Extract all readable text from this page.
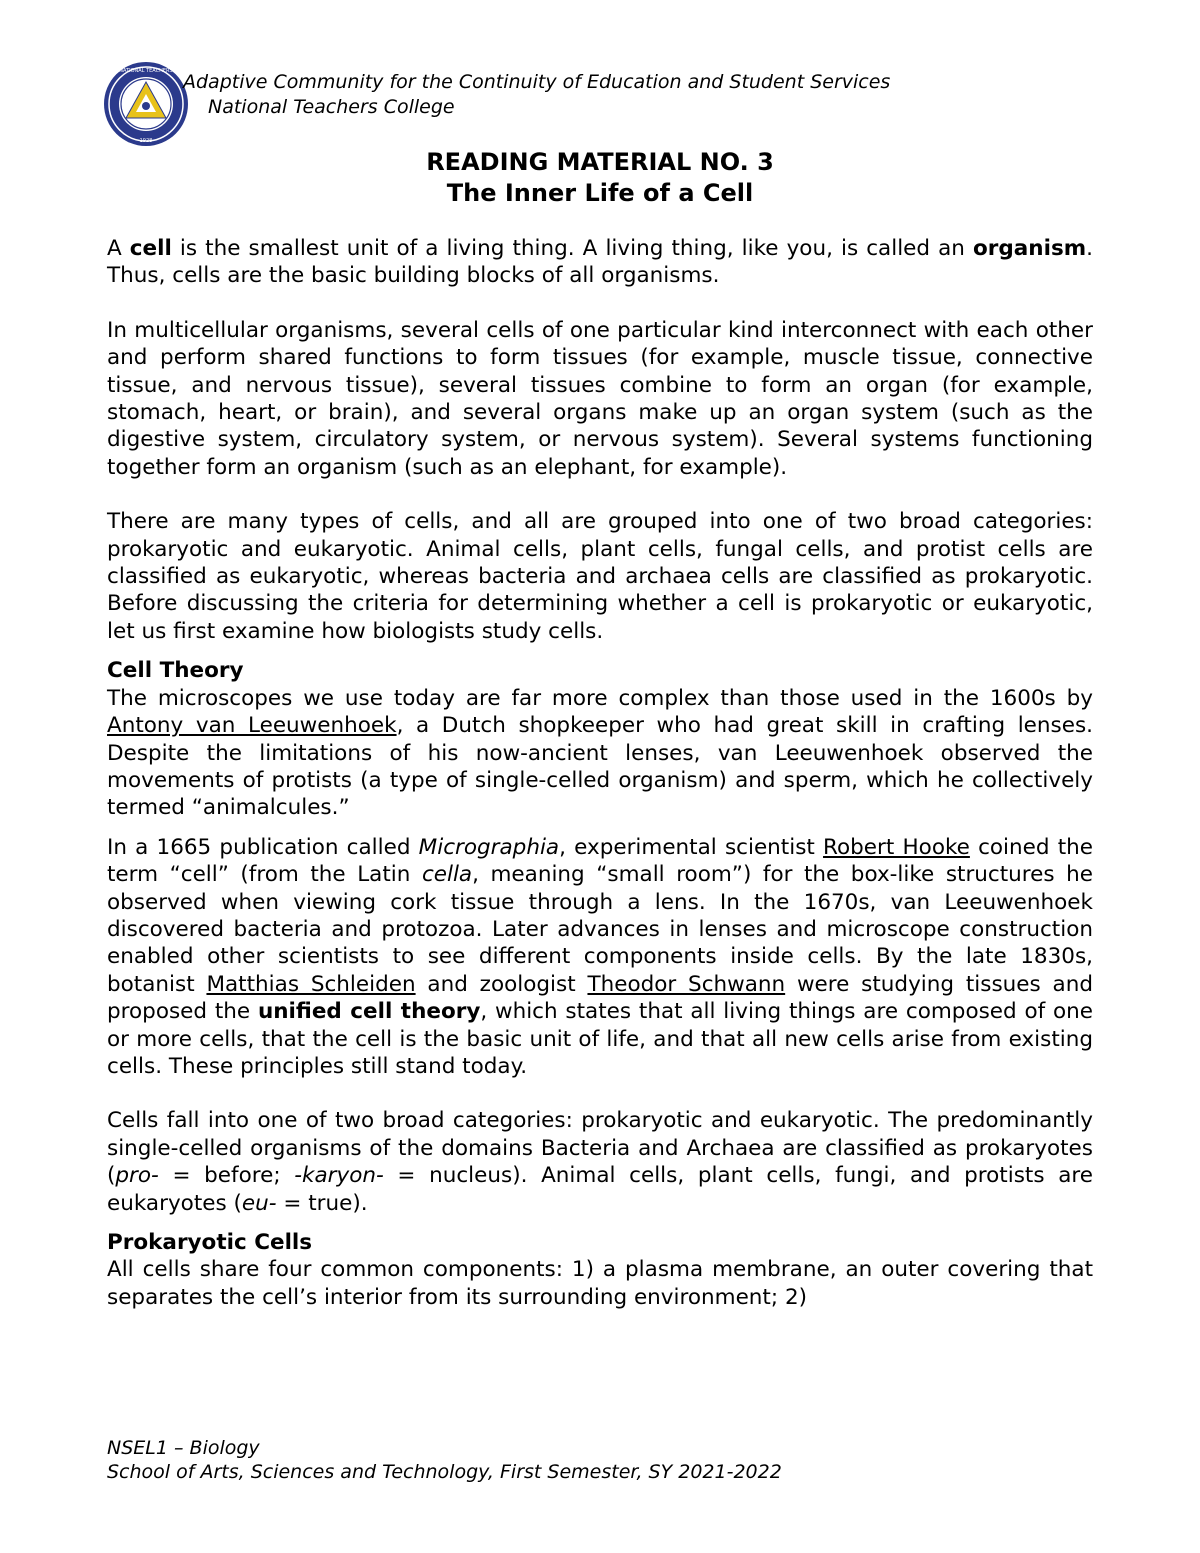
NATIONAL TEACHERS
1928
Adaptive Community for the Continuity of Education and Student Services
National Teachers College
READING MATERIAL NO. 3
The Inner Life of a Cell

A cell is the smallest unit of a living thing. A living thing, like you, is called an organism. Thus, cells are the basic building blocks of all organisms.

In multicellular organisms, several cells of one particular kind interconnect with each other and perform shared functions to form tissues (for example, muscle tissue, connective tissue, and nervous tissue), several tissues combine to form an organ (for example, stomach, heart, or brain), and several organs make up an organ system (such as the digestive system, circulatory system, or nervous system). Several systems functioning together form an organism (such as an elephant, for example).

There are many types of cells, and all are grouped into one of two broad categories: prokaryotic and eukaryotic. Animal cells, plant cells, fungal cells, and protist cells are classified as eukaryotic, whereas bacteria and archaea cells are classified as prokaryotic. Before discussing the criteria for determining whether a cell is prokaryotic or eukaryotic, let us first examine how biologists study cells.

Cell Theory

The microscopes we use today are far more complex than those used in the 1600s by Antony van Leeuwenhoek, a Dutch shopkeeper who had great skill in crafting lenses. Despite the limitations of his now-ancient lenses, van Leeuwenhoek observed the movements of protists (a type of single-celled organism) and sperm, which he collectively termed “animalcules.”

In a 1665 publication called Micrographia, experimental scientist Robert Hooke coined the term “cell” (from the Latin cella, meaning “small room”) for the box-like structures he observed when viewing cork tissue through a lens. In the 1670s, van Leeuwenhoek discovered bacteria and protozoa. Later advances in lenses and microscope construction enabled other scientists to see different components inside cells. By the late 1830s, botanist Matthias Schleiden and zoologist Theodor Schwann were studying tissues and proposed the unified cell theory, which states that all living things are composed of one or more cells, that the cell is the basic unit of life, and that all new cells arise from existing cells. These principles still stand today.

Cells fall into one of two broad categories: prokaryotic and eukaryotic. The predominantly single-celled organisms of the domains Bacteria and Archaea are classified as prokaryotes (pro- = before; -karyon- = nucleus). Animal cells, plant cells, fungi, and protists are eukaryotes (eu- = true).

Prokaryotic Cells

All cells share four common components: 1) a plasma membrane, an outer covering that separates the cell’s interior from its surrounding environment; 2)

NSEL1 – Biology
School of Arts, Sciences and Technology, First Semester, SY 2021-2022
